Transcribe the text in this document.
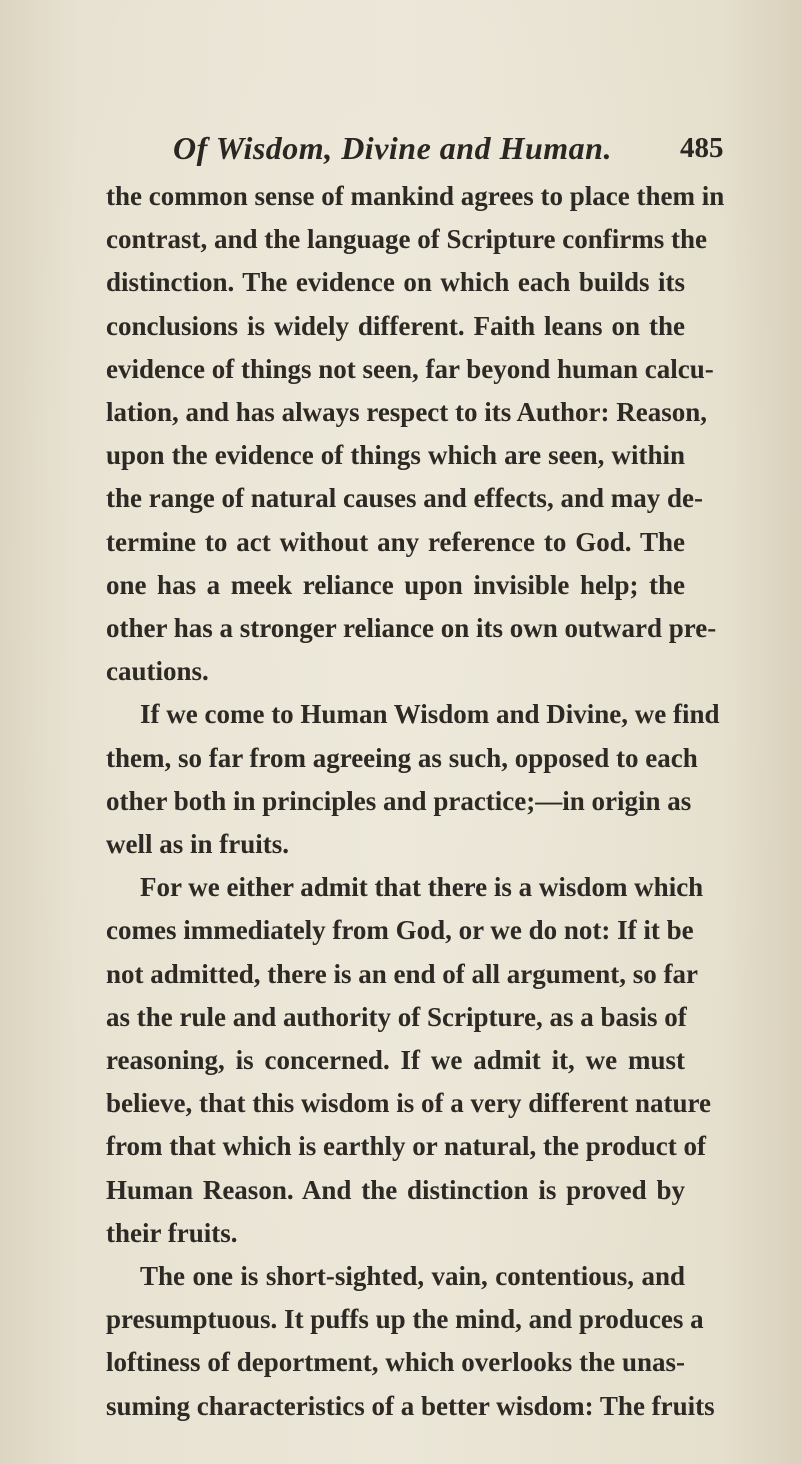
Of Wisdom, Divine and Human. 485
the common sense of mankind agrees to place them in
contrast, and the language of Scripture confirms the
distinction. The evidence on which each builds its
conclusions is widely different. Faith leans on the
evidence of things not seen, far beyond human calcu-
lation, and has always respect to its Author: Reason,
upon the evidence of things which are seen, within
the range of natural causes and effects, and may de-
termine to act without any reference to God. The
one has a meek reliance upon invisible help; the
other has a stronger reliance on its own outward pre-
cautions.
If we come to Human Wisdom and Divine, we find
them, so far from agreeing as such, opposed to each
other both in principles and practice;—in origin as
well as in fruits.
For we either admit that there is a wisdom which
comes immediately from God, or we do not: If it be
not admitted, there is an end of all argument, so far
as the rule and authority of Scripture, as a basis of
reasoning, is concerned. If we admit it, we must
believe, that this wisdom is of a very different nature
from that which is earthly or natural, the product of
Human Reason. And the distinction is proved by
their fruits.
The one is short-sighted, vain, contentious, and
presumptuous. It puffs up the mind, and produces a
loftiness of deportment, which overlooks the unas-
suming characteristics of a better wisdom: The fruits
